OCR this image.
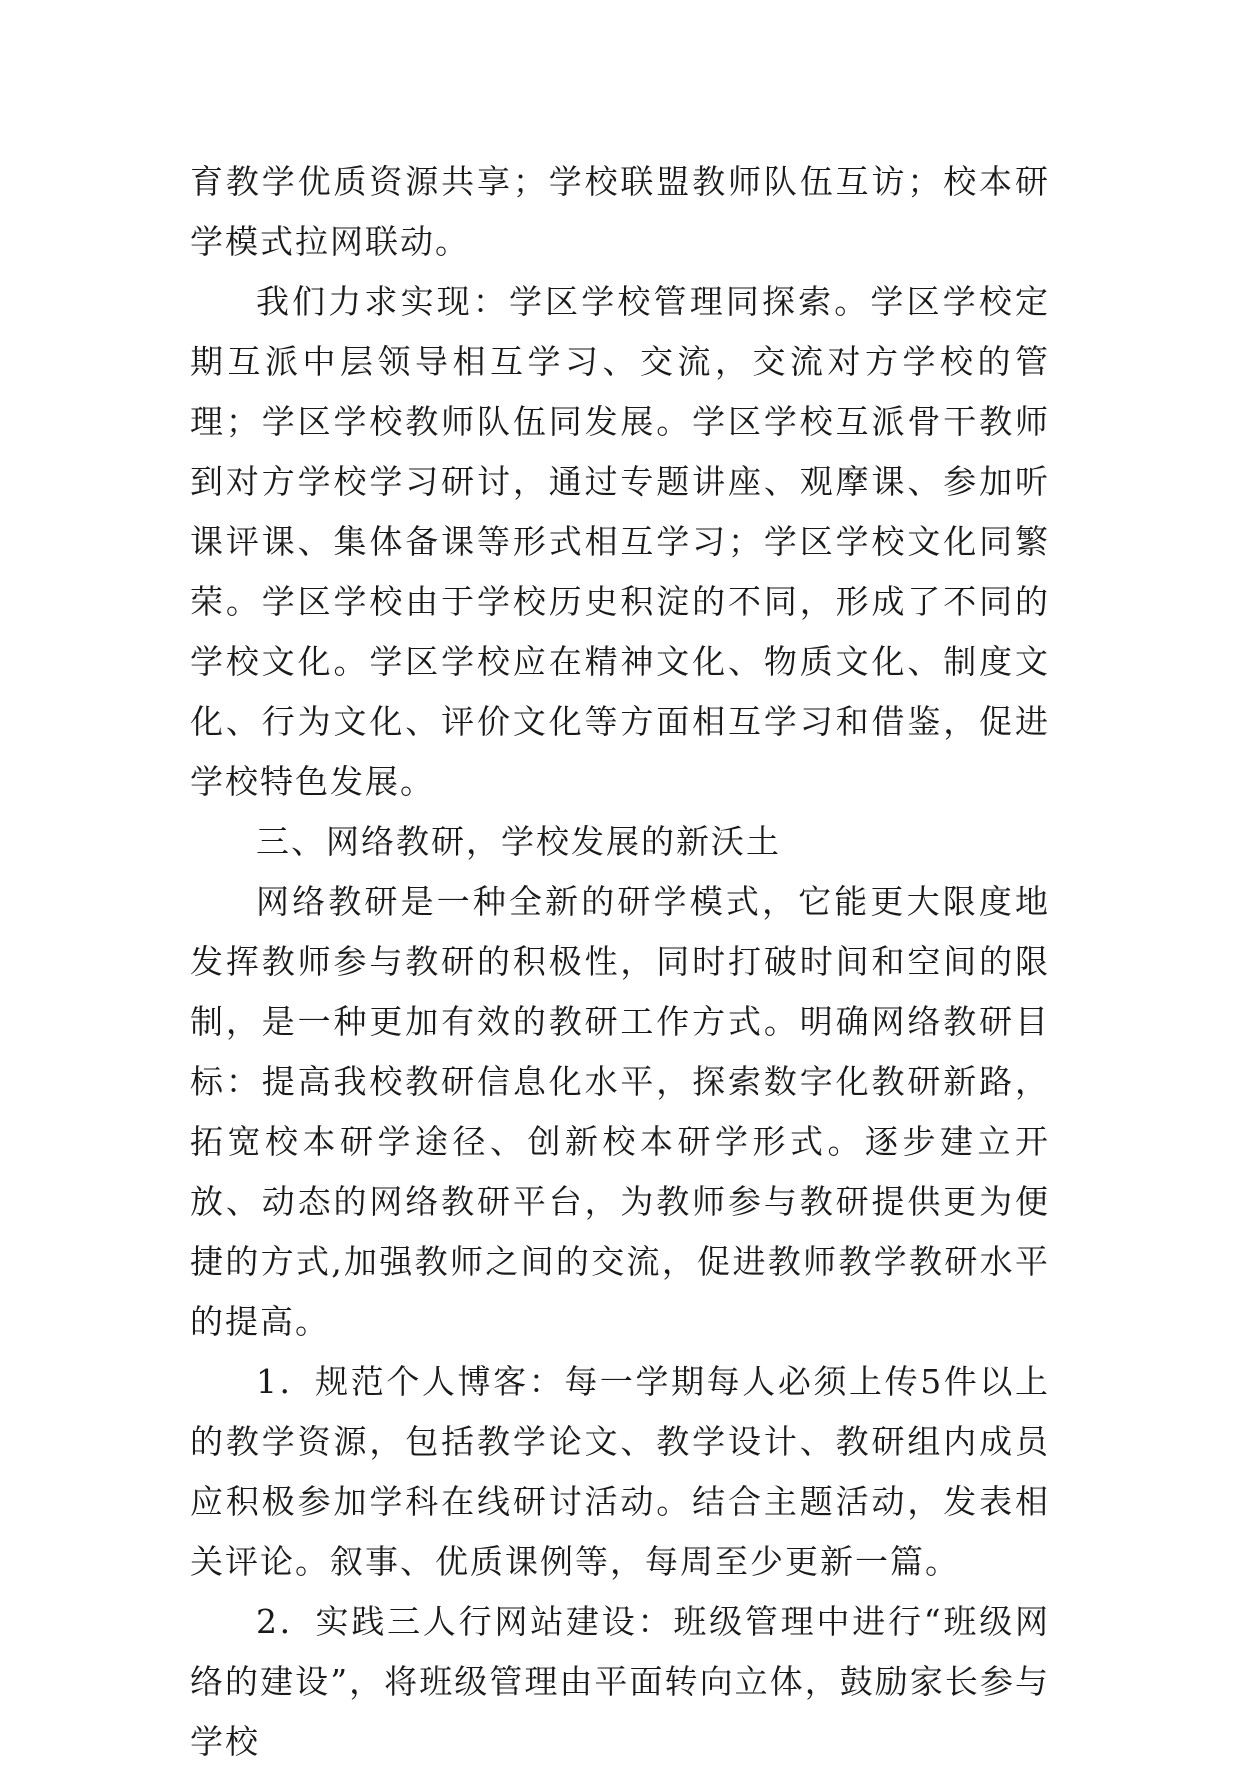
育教学优质资源共享；学校联盟教师队伍互访；校本研学模式拉网联动。

我们力求实现：学区学校管理同探索。学区学校定期互派中层领导相互学习、交流，交流对方学校的管理；学区学校教师队伍同发展。学区学校互派骨干教师到对方学校学习研讨，通过专题讲座、观摩课、参加听课评课、集体备课等形式相互学习；学区学校文化同繁荣。学区学校由于学校历史积淀的不同，形成了不同的学校文化。学区学校应在精神文化、物质文化、制度文化、行为文化、评价文化等方面相互学习和借鉴，促进学校特色发展。

三、网络教研，学校发展的新沃土

网络教研是一种全新的研学模式，它能更大限度地发挥教师参与教研的积极性，同时打破时间和空间的限制，是一种更加有效的教研工作方式。明确网络教研目标：提高我校教研信息化水平，探索数字化教研新路，拓宽校本研学途径、创新校本研学形式。逐步建立开放、动态的网络教研平台，为教师参与教研提供更为便捷的方式,加强教师之间的交流，促进教师教学教研水平的提高。

1．规范个人博客：每一学期每人必须上传5件以上的教学资源，包括教学论文、教学设计、教研组内成员应积极参加学科在线研讨活动。结合主题活动，发表相关评论。叙事、优质课例等，每周至少更新一篇。

2．实践三人行网站建设：班级管理中进行“班级网络的建设”，将班级管理由平面转向立体，鼓励家长参与学校
